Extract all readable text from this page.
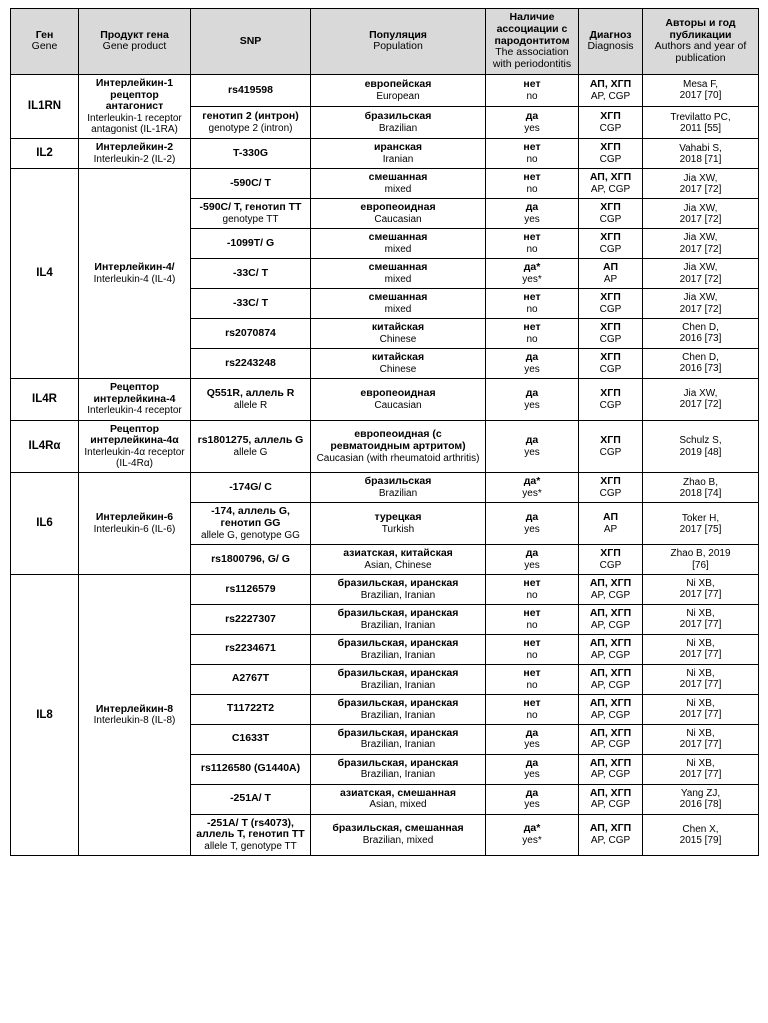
Ген
Gene	Продукт гена
Gene product	SNP	Популяция
Population	Наличие ассоциации с пародонтитом
The association with periodontitis	Диагноз
Diagnosis	Авторы и год публикации
Authors and year of publication

IL1RN	Интерлейкин-1 рецептор антагонист
Interleukin-1 receptor antagonist (IL-1RA)	rs419598	европейская
European	нет
no	АП, ХГП
AP, CGP	Mesa F,
2017 [70]

		генотип 2 (интрон)
genotype 2 (intron)	бразильская
Brazilian	да
yes	ХГП
CGP	Trevilatto PC,
2011 [55]

IL2	Интерлейкин-2
Interleukin-2 (IL-2)	T-330G	иранская
Iranian	нет
no	ХГП
CGP	Vahabi S,
2018 [71]

IL4	Интерлейкин-4/
Interleukin-4 (IL-4)	-590C/ T	смешанная
mixed	нет
no	АП, ХГП
AP, CGP	Jia XW,
2017 [72]

		-590C/ T, генотип TT
genotype TT	европеоидная
Caucasian	да
yes	ХГП
CGP	Jia XW,
2017 [72]

		-1099T/ G	смешанная
mixed	нет
no	ХГП
CGP	Jia XW,
2017 [72]

		-33C/ T	смешанная
mixed	да*
yes*	АП
AP	Jia XW,
2017 [72]

		-33C/ T	смешанная
mixed	нет
no	ХГП
CGP	Jia XW,
2017 [72]

		rs2070874	китайская
Chinese	нет
no	ХГП
CGP	Chen D,
2016 [73]

		rs2243248	китайская
Chinese	да
yes	ХГП
CGP	Chen D,
2016 [73]

IL4R	Рецептор интерлейкина-4
Interleukin-4 receptor	Q551R, аллель R
allele R	европеоидная
Caucasian	да
yes	ХГП
CGP	Jia XW,
2017 [72]

IL4Rα	Рецептор интерлейкина-4α
Interleukin-4α receptor (IL-4Rα)	rs1801275, аллель G
allele G	европеоидная (с ревматоидным артритом)
Caucasian (with rheumatoid arthritis)	да
yes	ХГП
CGP	Schulz S,
2019 [48]

IL6	Интерлейкин-6
Interleukin-6 (IL-6)	-174G/ C	бразильская
Brazilian	да*
yes*	ХГП
CGP	Zhao B,
2018 [74]

		-174, аллель G, генотип GG
allele G, genotype GG	турецкая
Turkish	да
yes	АП
AP	Toker H,
2017 [75]

		rs1800796, G/ G	азиатская, китайская
Asian, Chinese	да
yes	ХГП
CGP	Zhao B, 2019
[76]

IL8	Интерлейкин-8
Interleukin-8 (IL-8)	rs1126579	бразильская, иранская
Brazilian, Iranian	нет
no	АП, ХГП
AP, CGP	Ni XB,
2017 [77]

		rs2227307	бразильская, иранская
Brazilian, Iranian	нет
no	АП, ХГП
AP, CGP	Ni XB,
2017 [77]

		rs2234671	бразильская, иранская
Brazilian, Iranian	нет
no	АП, ХГП
AP, CGP	Ni XB,
2017 [77]

		A2767T	бразильская, иранская
Brazilian, Iranian	нет
no	АП, ХГП
AP, CGP	Ni XB,
2017 [77]

		T11722T2	бразильская, иранская
Brazilian, Iranian	нет
no	АП, ХГП
AP, CGP	Ni XB,
2017 [77]

		C1633T	бразильская, иранская
Brazilian, Iranian	да
yes	АП, ХГП
AP, CGP	Ni XB,
2017 [77]

		rs1126580 (G1440A)	бразильская, иранская
Brazilian, Iranian	да
yes	АП, ХГП
AP, CGP	Ni XB,
2017 [77]

		-251A/ T	азиатская, смешанная
Asian, mixed	да
yes	АП, ХГП
AP, CGP	Yang ZJ,
2016 [78]

		-251A/ T (rs4073), аллель T, генотип TT
allele T, genotype TT	бразильская, смешанная
Brazilian, mixed	да*
yes*	АП, ХГП
AP, CGP	Chen X,
2015 [79]
